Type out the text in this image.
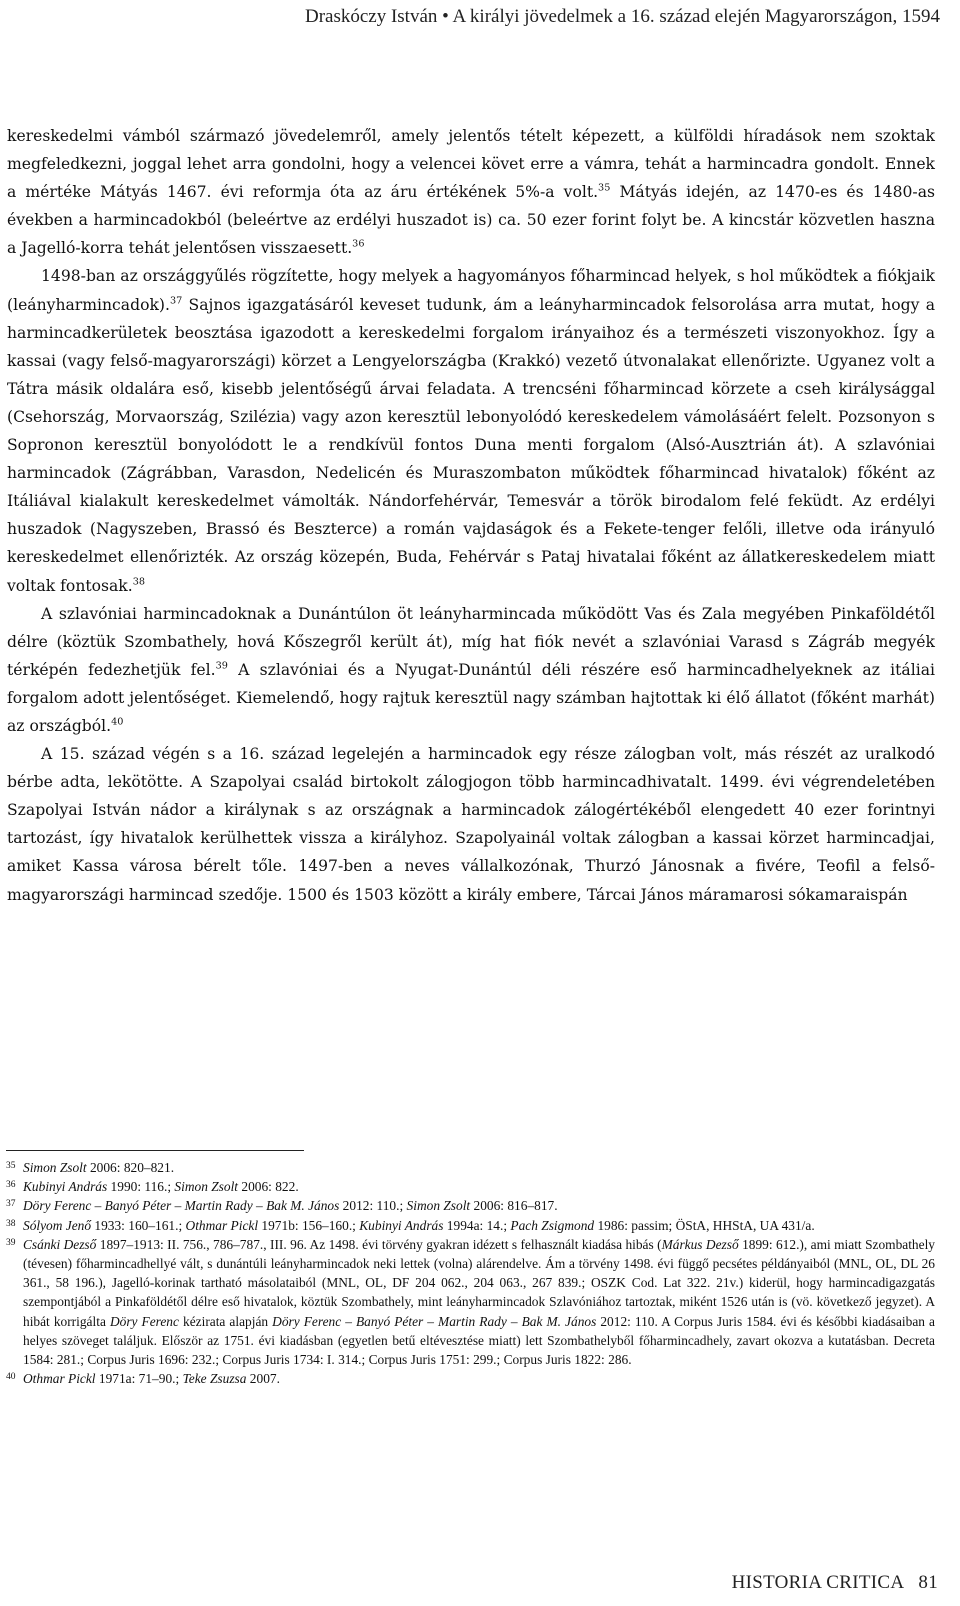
Draskóczy István • A királyi jövedelmek a 16. század elején Magyarországon, 1594

kereskedelmi vámból származó jövedelemről, amely jelentős tételt képezett, a külföldi híradások nem szoktak megfeledkezni, joggal lehet arra gondolni, hogy a velencei követ erre a vámra, tehát a harmincadra gondolt. Ennek a mértéke Mátyás 1467. évi reformja óta az áru értékének 5%-a volt.$^{35}$ Mátyás idején, az 1470-es és 1480-as években a harmincadokból (beleértve az erdélyi huszadot is) ca. 50 ezer forint folyt be. A kincstár közvetlen haszna a Jagelló-korra tehát jelentősen visszaesett.$^{36}$

1498-ban az országgyűlés rögzítette, hogy melyek a hagyományos főharmincad helyek, s hol működtek a fiókjaik (leányharmincadok).$^{37}$ Sajnos igazgatásáról keveset tudunk, ám a leányharmincadok felsorolása arra mutat, hogy a harmincadkerületek beosztása igazodott a kereskedelmi forgalom irányaihoz és a természeti viszonyokhoz. Így a kassai (vagy felső-magyarországi) körzet a Lengyelországba (Krakkó) vezető útvonalakat ellenőrizte. Ugyanez volt a Tátra másik oldalára eső, kisebb jelentőségű árvai feladata. A trencséni főharmincad körzete a cseh királysággal (Csehország, Morvaország, Szilézia) vagy azon keresztül lebonyolódó kereskedelem vámolásáért felelt. Pozsonyon s Sopronon keresztül bonyolódott le a rendkívül fontos Duna menti forgalom (Alsó-Ausztrián át). A szlavóniai harmincadok (Zágrábban, Varasdon, Nedelicén és Muraszombaton működtek főharmincad hivatalok) főként az Itáliával kialakult kereskedelmet vámolták. Nándorfehérvár, Temesvár a török birodalom felé feküdt. Az erdélyi huszadok (Nagyszeben, Brassó és Beszterce) a román vajdaságok és a Fekete-tenger felőli, illetve oda irányuló kereskedelmet ellenőrizték. Az ország közepén, Buda, Fehérvár s Pataj hivatalai főként az állatkereskedelem miatt voltak fontosak.$^{38}$

A szlavóniai harmincadoknak a Dunántúlon öt leányharmincada működött Vas és Zala megyében Pinkaföldétől délre (köztük Szombathely, hová Kőszegről került át), míg hat fiók nevét a szlavóniai Varasd s Zágráb megyék térképén fedezhetjük fel.$^{39}$ A szlavóniai és a Nyugat-Dunántúl déli részére eső harmincadhelyeknek az itáliai forgalom adott jelentőséget. Kiemelendő, hogy rajtuk keresztül nagy számban hajtottak ki élő állatot (főként marhát) az országból.$^{40}$

A 15. század végén s a 16. század legelején a harmincadok egy része zálogban volt, más részét az uralkodó bérbe adta, lekötötte. A Szapolyai család birtokolt zálogjogon több harmincadhivatalt. 1499. évi végrendeletében Szapolyai István nádor a királynak s az országnak a harmincadok zálogértékéből elengedett 40 ezer forintnyi tartozást, így hivatalok kerülhettek vissza a királyhoz. Szapolyainál voltak zálogban a kassai körzet harmincadjai, amiket Kassa városa bérelt tőle. 1497-ben a neves vállalkozónak, Thurzó Jánosnak a fivére, Teofil a felső-magyarországi harmincad szedője. 1500 és 1503 között a király embere, Tárcai János máramarosi sókamaraispán

35 Simon Zsolt 2006: 820–821.

36 Kubinyi András 1990: 116.; Simon Zsolt 2006: 822.

37 Döry Ferenc – Banyó Péter – Martin Rady – Bak M. János 2012: 110.; Simon Zsolt 2006: 816–817.

38 Sólyom Jenő 1933: 160–161.; Othmar Pickl 1971b: 156–160.; Kubinyi András 1994a: 14.; Pach Zsigmond 1986: passim; ÖStA, HHStA, UA 431/a.

39 Csánki Dezső 1897–1913: II. 756., 786–787., III. 96. Az 1498. évi törvény gyakran idézett s felhasznált kiadása hibás (Márkus Dezső 1899: 612.), ami miatt Szombathely (tévesen) főharmincadhellyé vált, s dunántúli leányharmincadok neki lettek (volna) alárendelve. Ám a törvény 1498. évi függő pecsétes példányaiból (MNL, OL, DL 26 361., 58 196.), Jagelló-korinak tartható másolataiból (MNL, OL, DF 204 062., 204 063., 267 839.; OSZK Cod. Lat 322. 21v.) kiderül, hogy harmincadigazgatás szempontjából a Pinkaföldétől délre eső hivatalok, köztük Szombathely, mint leányharmincadok Szlavóniához tartoztak, miként 1526 után is (vö. következő jegyzet). A hibát korrigálta Döry Ferenc kézirata alapján Döry Ferenc – Banyó Péter – Martin Rady – Bak M. János 2012: 110. A Corpus Juris 1584. évi és későbbi kiadásaiban a helyes szöveget találjuk. Először az 1751. évi kiadásban (egyetlen betű eltévesztése miatt) lett Szombathelyből főharmincadhely, zavart okozva a kutatásban. Decreta 1584: 281.; Corpus Juris 1696: 232.; Corpus Juris 1734: I. 314.; Corpus Juris 1751: 299.; Corpus Juris 1822: 286.

40 Othmar Pickl 1971a: 71–90.; Teke Zsuzsa 2007.

HISTORIA CRITICA 81
